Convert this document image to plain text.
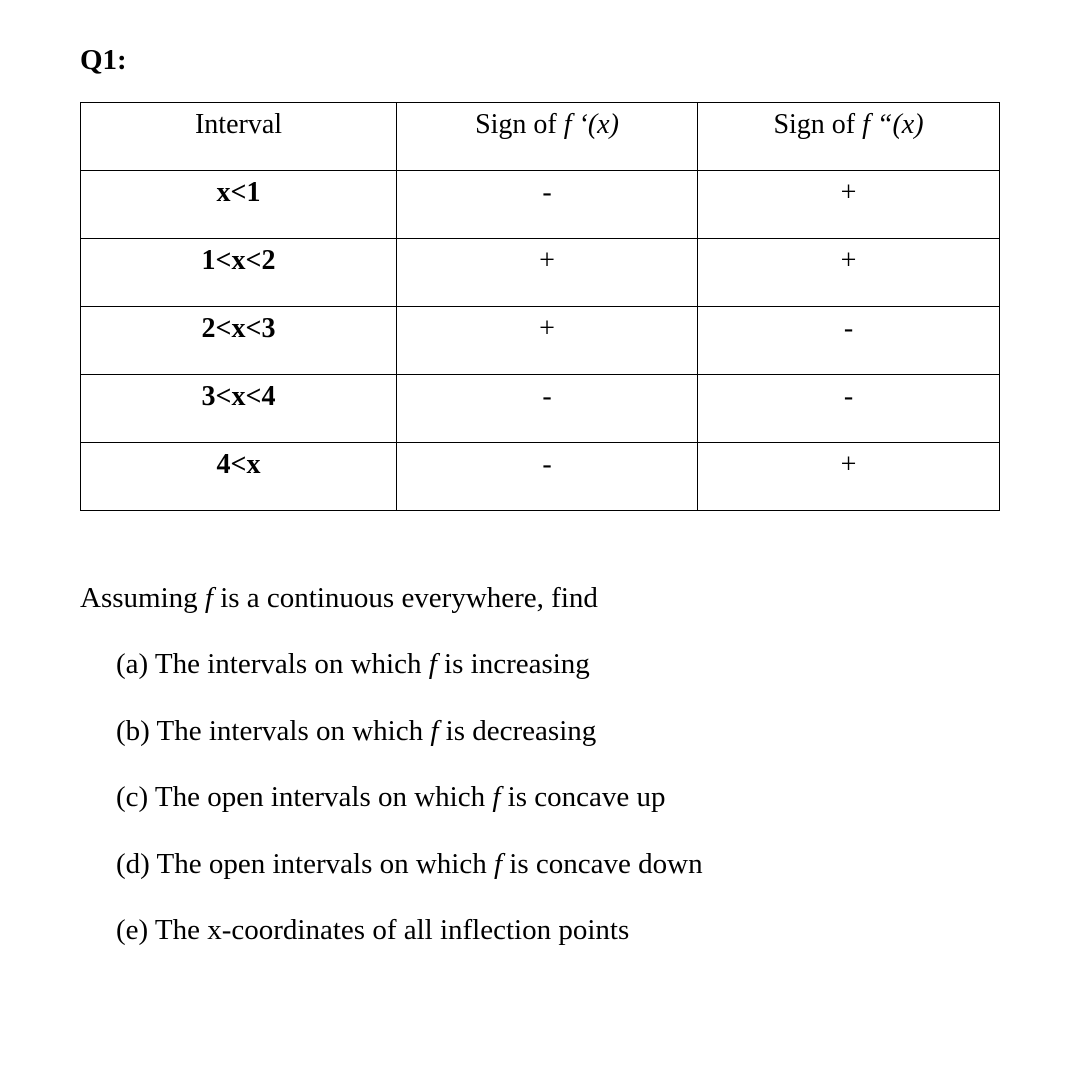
Q1:
Interval	Sign of f ‘(x)	Sign of f “(x)

x<1	-	+

1<x<2	+	+

2<x<3	+	-

3<x<4	-	-

4<x	-	+
Assuming f is a continuous everywhere, find
(a) The intervals on which f is increasing
(b) The intervals on which f is decreasing
(c) The open intervals on which f is concave up
(d) The open intervals on which f is concave down
(e) The x-coordinates of all inflection points
